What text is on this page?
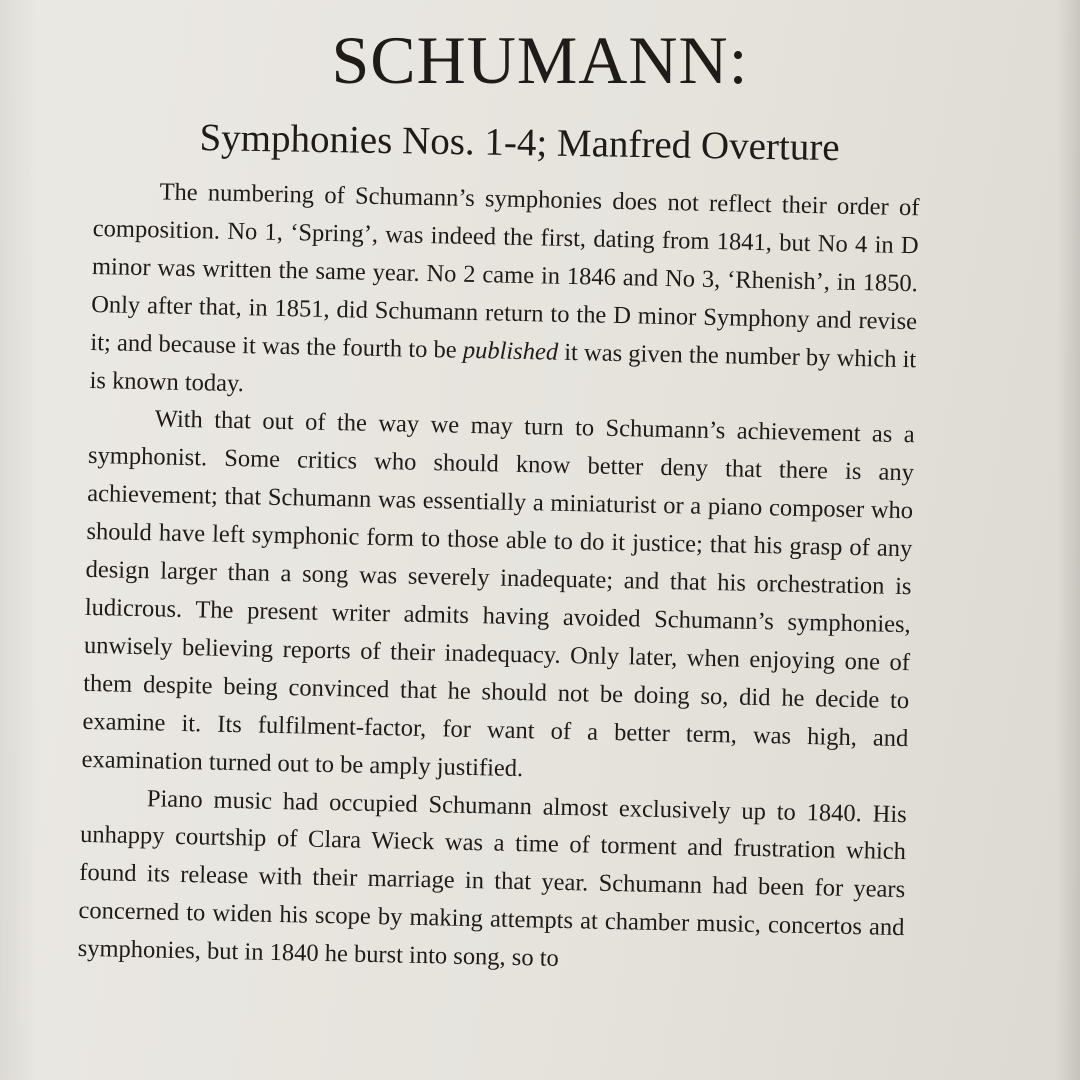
SCHUMANN:
Symphonies Nos. 1-4; Manfred Overture

The numbering of Schumann’s symphonies does not reflect their order of composition. No 1, ‘Spring’, was indeed the first, dating from 1841, but No 4 in D minor was written the same year. No 2 came in 1846 and No 3, ‘Rhenish’, in 1850. Only after that, in 1851, did Schumann return to the D minor Symphony and revise it; and because it was the fourth to be published it was given the number by which it is known today.

With that out of the way we may turn to Schumann’s achievement as a symphonist. Some critics who should know better deny that there is any achievement; that Schumann was essentially a miniaturist or a piano composer who should have left symphonic form to those able to do it justice; that his grasp of any design larger than a song was severely inadequate; and that his orchestration is ludicrous. The present writer admits having avoided Schumann’s symphonies, unwisely believing reports of their inadequacy. Only later, when enjoying one of them despite being convinced that he should not be doing so, did he decide to examine it. Its fulfilment-factor, for want of a better term, was high, and examination turned out to be amply justified.

Piano music had occupied Schumann almost exclusively up to 1840. His unhappy courtship of Clara Wieck was a time of torment and frustration which found its release with their marriage in that year. Schumann had been for years concerned to widen his scope by making attempts at chamber music, concertos and symphonies, but in 1840 he burst into song, so to
